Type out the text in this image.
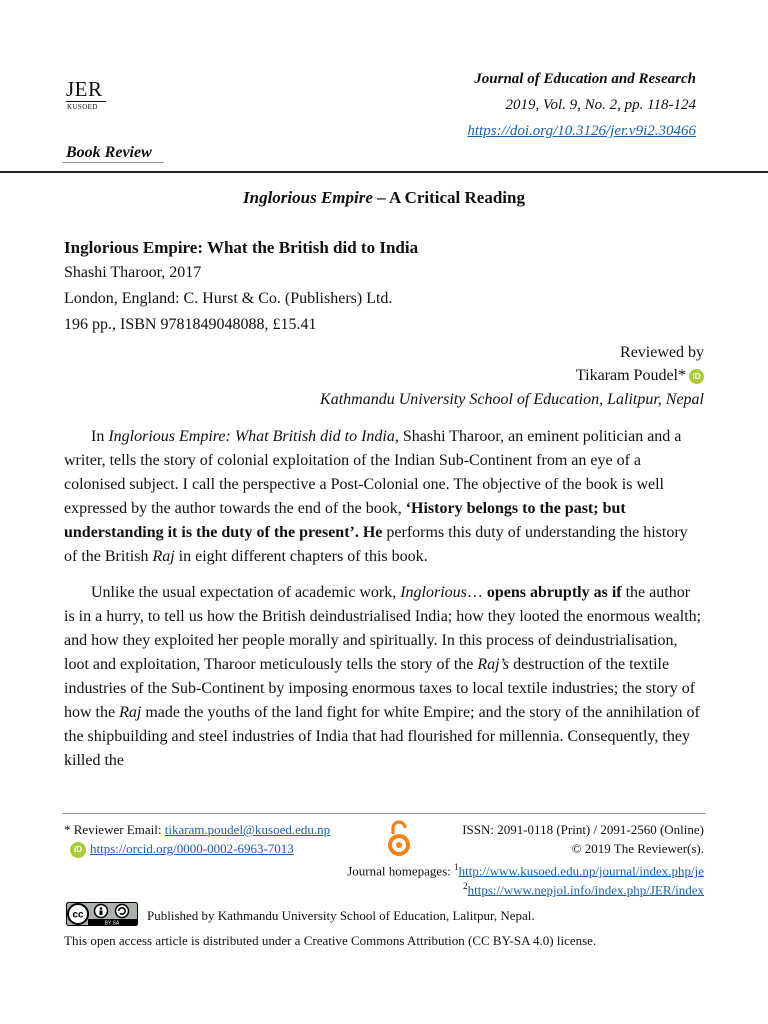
JER
KUSOED
Journal of Education and Research
2019, Vol. 9, No. 2, pp. 118-124
https://doi.org/10.3126/jer.v9i2.30466
Book Review
Inglorious Empire – A Critical Reading
Inglorious Empire: What the British did to India
Shashi Tharoor, 2017
London, England: C. Hurst & Co. (Publishers) Ltd.
196 pp., ISBN 9781849048088, £15.41
Reviewed by
Tikaram Poudel* iD
Kathmandu University School of Education, Lalitpur, Nepal

In Inglorious Empire: What British did to India, Shashi Tharoor, an eminent politician and a writer, tells the story of colonial exploitation of the Indian Sub-Continent from an eye of a colonised subject. I call the perspective a Post-Colonial one. The objective of the book is well expressed by the author towards the end of the book, ‘History belongs to the past; but understanding it is the duty of the present’. He performs this duty of understanding the history of the British Raj in eight different chapters of this book.

Unlike the usual expectation of academic work, Inglorious… opens abruptly as if the author is in a hurry, to tell us how the British deindustrialised India; how they looted the enormous wealth; and how they exploited her people morally and spiritually. In this process of deindustrialisation, loot and exploitation, Tharoor meticulously tells the story of the Raj’s destruction of the textile industries of the Sub-Continent by imposing enormous taxes to local textile industries; the story of how the Raj made the youths of the land fight for white Empire; and the story of the annihilation of the shipbuilding and steel industries of India that had flourished for millennia. Consequently, they killed the

* Reviewer Email: tikaram.poudel@kusoed.edu.np
iD https://orcid.org/0000-0002-6963-7013
ISSN: 2091-0118 (Print) / 2091-2560 (Online)
© 2019 The Reviewer(s).
Journal homepages: $^1$http://www.kusoed.edu.np/journal/index.php/je
$^2$https://www.nepjol.info/index.php/JER/index
cc
BY SA
Published by Kathmandu University School of Education, Lalitpur, Nepal.
This open access article is distributed under a Creative Commons Attribution (CC BY-SA 4.0) license.
